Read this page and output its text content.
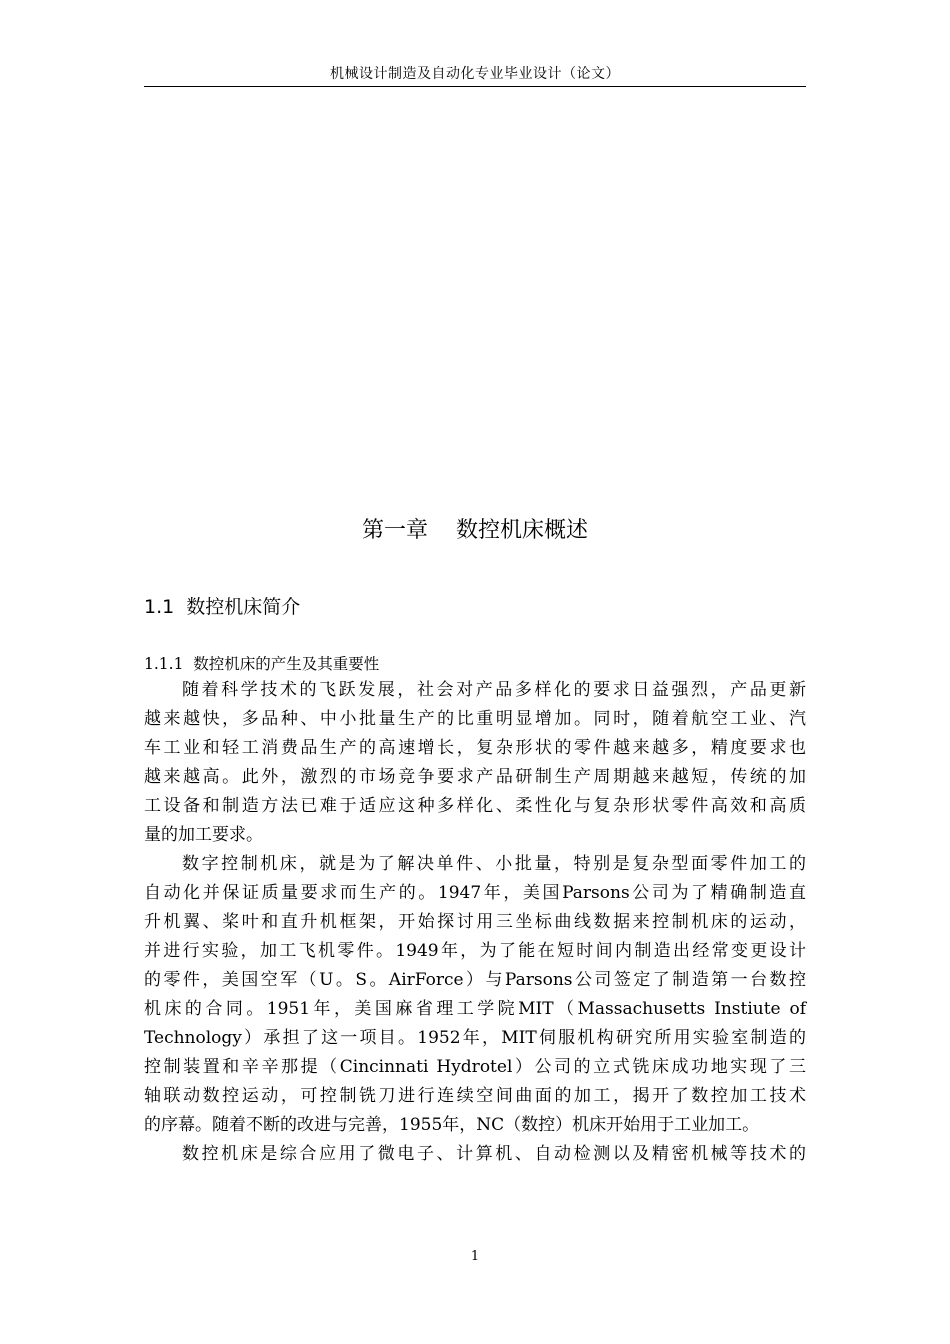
机械设计制造及自动化专业毕业设计（论文）
第一章    数控机床概述
1.1  数控机床简介
1.1.1  数控机床的产生及其重要性
随着科学技术的飞跃发展，社会对产品多样化的要求日益强烈，产品更新
越来越快，多品种、中小批量生产的比重明显增加。同时，随着航空工业、汽
车工业和轻工消费品生产的高速增长，复杂形状的零件越来越多，精度要求也
越来越高。此外，激烈的市场竞争要求产品研制生产周期越来越短，传统的加
工设备和制造方法已难于适应这种多样化、柔性化与复杂形状零件高效和高质
量的加工要求。
数字控制机床，就是为了解决单件、小批量，特别是复杂型面零件加工的
自动化并保证质量要求而生产的。1947年，美国Parsons公司为了精确制造直
升机翼、桨叶和直升机框架，开始探讨用三坐标曲线数据来控制机床的运动，
并进行实验，加工飞机零件。1949年，为了能在短时间内制造出经常变更设计
的零件，美国空军（U。S。AirForce）与Parsons公司签定了制造第一台数控
机床的合同。1951年，美国麻省理工学院MIT（Massachusetts Instiute of
Technology）承担了这一项目。1952年，MIT伺服机构研究所用实验室制造的
控制装置和辛辛那提（Cincinnati Hydrotel）公司的立式铣床成功地实现了三
轴联动数控运动，可控制铣刀进行连续空间曲面的加工，揭开了数控加工技术
的序幕。随着不断的改进与完善，1955年，NC（数控）机床开始用于工业加工。
数控机床是综合应用了微电子、计算机、自动检测以及精密机械等技术的
1
